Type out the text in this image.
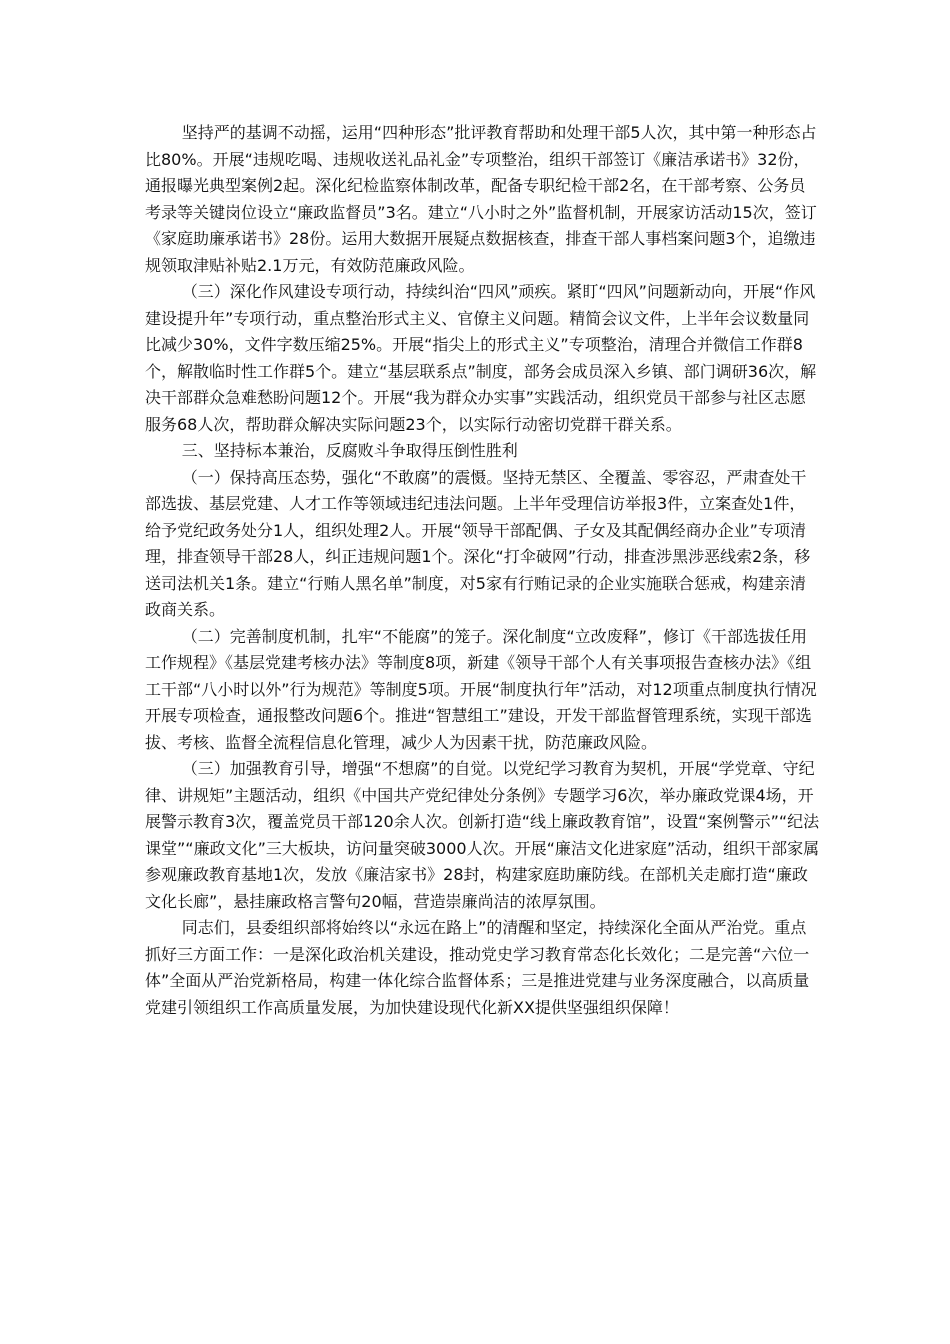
坚持严的基调不动摇，运用“四种形态”批评教育帮助和处理干部5人次，其中第一种形态占比80%。开展“违规吃喝、违规收送礼品礼金”专项整治，组织干部签订《廉洁承诺书》32份，通报曝光典型案例2起。深化纪检监察体制改革，配备专职纪检干部2名，在干部考察、公务员考录等关键岗位设立“廉政监督员”3名。建立“八小时之外”监督机制，开展家访活动15次，签订《家庭助廉承诺书》28份。运用大数据开展疑点数据核查，排查干部人事档案问题3个，追缴违规领取津贴补贴2.1万元，有效防范廉政风险。

（三）深化作风建设专项行动，持续纠治“四风”顽疾。紧盯“四风”问题新动向，开展“作风建设提升年”专项行动，重点整治形式主义、官僚主义问题。精简会议文件，上半年会议数量同比减少30%，文件字数压缩25%。开展“指尖上的形式主义”专项整治，清理合并微信工作群8个，解散临时性工作群5个。建立“基层联系点”制度，部务会成员深入乡镇、部门调研36次，解决干部群众急难愁盼问题12个。开展“我为群众办实事”实践活动，组织党员干部参与社区志愿服务68人次，帮助群众解决实际问题23个，以实际行动密切党群干群关系。

三、坚持标本兼治，反腐败斗争取得压倒性胜利

（一）保持高压态势，强化“不敢腐”的震慑。坚持无禁区、全覆盖、零容忍，严肃查处干部选拔、基层党建、人才工作等领域违纪违法问题。上半年受理信访举报3件，立案查处1件，给予党纪政务处分1人，组织处理2人。开展“领导干部配偶、子女及其配偶经商办企业”专项清理，排查领导干部28人，纠正违规问题1个。深化“打伞破网”行动，排查涉黑涉恶线索2条，移送司法机关1条。建立“行贿人黑名单”制度，对5家有行贿记录的企业实施联合惩戒，构建亲清政商关系。

（二）完善制度机制，扎牢“不能腐”的笼子。深化制度“立改废释”，修订《干部选拔任用工作规程》《基层党建考核办法》等制度8项，新建《领导干部个人有关事项报告查核办法》《组工干部“八小时以外”行为规范》等制度5项。开展“制度执行年”活动，对12项重点制度执行情况开展专项检查，通报整改问题6个。推进“智慧组工”建设，开发干部监督管理系统，实现干部选拔、考核、监督全流程信息化管理，减少人为因素干扰，防范廉政风险。

（三）加强教育引导，增强“不想腐”的自觉。以党纪学习教育为契机，开展“学党章、守纪律、讲规矩”主题活动，组织《中国共产党纪律处分条例》专题学习6次，举办廉政党课4场，开展警示教育3次，覆盖党员干部120余人次。创新打造“线上廉政教育馆”，设置“案例警示”“纪法课堂”“廉政文化”三大板块，访问量突破3000人次。开展“廉洁文化进家庭”活动，组织干部家属参观廉政教育基地1次，发放《廉洁家书》28封，构建家庭助廉防线。在部机关走廊打造“廉政文化长廊”，悬挂廉政格言警句20幅，营造崇廉尚洁的浓厚氛围。

同志们，县委组织部将始终以“永远在路上”的清醒和坚定，持续深化全面从严治党。重点抓好三方面工作：一是深化政治机关建设，推动党史学习教育常态化长效化；二是完善“六位一体”全面从严治党新格局，构建一体化综合监督体系；三是推进党建与业务深度融合，以高质量党建引领组织工作高质量发展，为加快建设现代化新XX提供坚强组织保障！
